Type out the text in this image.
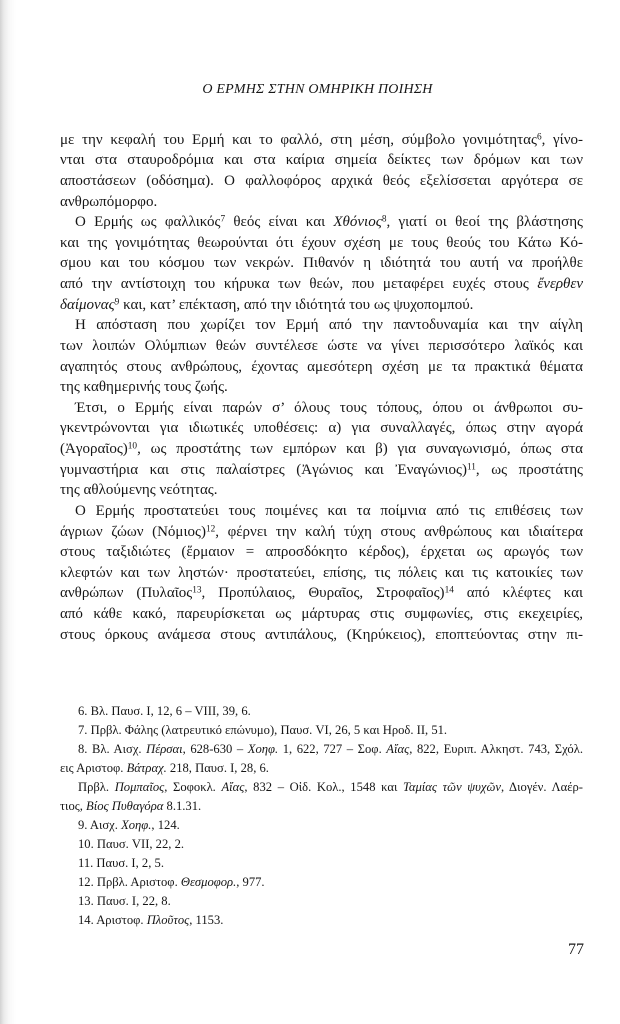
Ο ΕΡΜΗΣ ΣΤΗΝ ΟΜΗΡΙΚΗ ΠΟΙΗΣΗ
με την κεφαλή του Ερμή και το φαλλό, στη μέση, σύμβολο γονιμότητας$^6$, γίνο-
νται στα σταυροδρόμια και στα καίρια σημεία δείκτες των δρόμων και των
αποστάσεων (οδόσημα). Ο φαλλοφόρος αρχικά θεός εξελίσσεται αργότερα σε
ανθρωπόμορφο.
Ο Ερμής ως φαλλικός$^7$ θεός είναι και Χθόνιος$^8$, γιατί οι θεοί της βλάστησης
και της γονιμότητας θεωρούνται ότι έχουν σχέση με τους θεούς του Κάτω Κό-
σμου και του κόσμου των νεκρών. Πιθανόν η ιδιότητά του αυτή να προήλθε
από την αντίστοιχη του κήρυκα των θεών, που μεταφέρει ευχές στους ἔνερθεν
δαίμονας$^9$ και, κατ’ επέκταση, από την ιδιότητά του ως ψυχοπομπού.
Η απόσταση που χωρίζει τον Ερμή από την παντοδυναμία και την αίγλη
των λοιπών Ολύμπιων θεών συντέλεσε ώστε να γίνει περισσότερο λαϊκός και
αγαπητός στους ανθρώπους, έχοντας αμεσότερη σχέση με τα πρακτικά θέματα
της καθημερινής τους ζωής.
Έτσι, ο Ερμής είναι παρών σ’ όλους τους τόπους, όπου οι άνθρωποι συ-
γκεντρώνονται για ιδιωτικές υποθέσεις: α) για συναλλαγές, όπως στην αγορά
(Ἀγοραῖος)$^{10}$, ως προστάτης των εμπόρων και β) για συναγωνισμό, όπως στα
γυμναστήρια και στις παλαίστρες (Ἀγώνιος και Ἐναγώνιος)$^{11}$, ως προστάτης
της αθλούμενης νεότητας.
Ο Ερμής προστατεύει τους ποιμένες και τα ποίμνια από τις επιθέσεις των
άγριων ζώων (Νόμιος)$^{12}$, φέρνει την καλή τύχη στους ανθρώπους και ιδιαίτερα
στους ταξιδιώτες (ἕρμαιον = απροσδόκητο κέρδος), έρχεται ως αρωγός των
κλεφτών και των ληστών· προστατεύει, επίσης, τις πόλεις και τις κατοικίες των
ανθρώπων (Πυλαῖος$^{13}$, Προπύλαιος, Θυραῖος, Στροφαῖος)$^{14}$ από κλέφτες και
από κάθε κακό, παρευρίσκεται ως μάρτυρας στις συμφωνίες, στις εκεχειρίες,
στους όρκους ανάμεσα στους αντιπάλους, (Κηρύκειος), εποπτεύοντας στην πι-
6. Βλ. Παυσ. I, 12, 6 – VIII, 39, 6.
7. Πρβλ. Φάλης (λατρευτικό επώνυμο), Παυσ. VI, 26, 5 και Ηροδ. II, 51.
8. Βλ. Αισχ. Πέρσαι, 628-630 – Χοηφ. 1, 622, 727 – Σοφ. Αἴας, 822, Ευριπ. Αλκηστ. 743, Σχόλ.
εις Αριστοφ. Βάτραχ. 218, Παυσ. I, 28, 6.
Πρβλ. Πομπαῖος, Σοφοκλ. Αἴας, 832 – Οἰδ. Κολ., 1548 και Ταμίας τῶν ψυχῶν, Διογέν. Λαέρ-
τιος, Βίος Πυθαγόρα 8.1.31.
9. Αισχ. Χοηφ., 124.
10. Παυσ. VII, 22, 2.
11. Παυσ. I, 2, 5.
12. Πρβλ. Αριστοφ. Θεσμοφορ., 977.
13. Παυσ. I, 22, 8.
14. Αριστοφ. Πλοῦτος, 1153.
77
